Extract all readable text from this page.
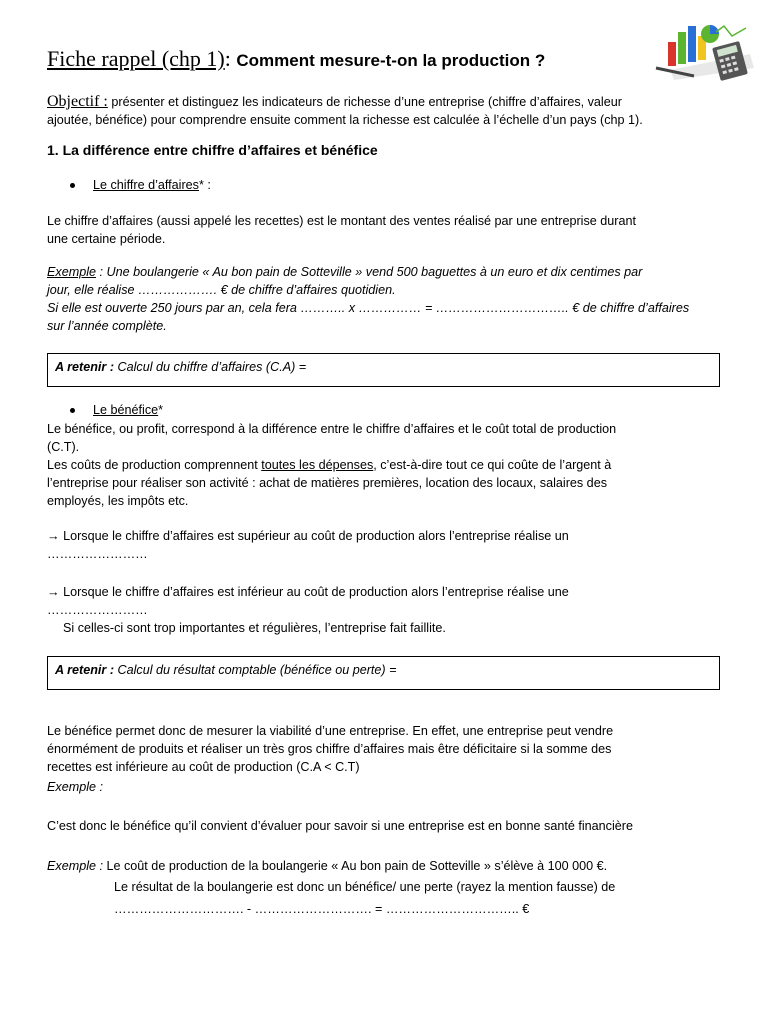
Fiche rappel (chp 1): Comment mesure-t-on la production ?
Objectif : présenter et distinguez les indicateurs de richesse d’une entreprise (chiffre d’affaires, valeur
ajoutée, bénéfice) pour comprendre ensuite comment la richesse est calculée à l’échelle d’un pays (chp 1).
1. La différence entre chiffre d’affaires et bénéfice
Le chiffre d’affaires* :
Le chiffre d’affaires (aussi appelé les recettes) est le montant des ventes réalisé par une entreprise durant
une certaine période.
Exemple : Une boulangerie « Au bon pain de Sotteville » vend 500 baguettes à un euro et dix centimes par
jour, elle réalise ………………. € de chiffre d’affaires quotidien.
Si elle est ouverte 250 jours par an, cela fera ……….. x …………… = ………………………….. € de chiffre d’affaires
sur l’année complète.
A retenir : Calcul du chiffre d’affaires (C.A) =
Le bénéfice*
Le bénéfice, ou profit, correspond à la différence entre le chiffre d’affaires et le coût total de production
(C.T).
Les coûts de production comprennent toutes les dépenses, c’est-à-dire tout ce qui coûte de l’argent à
l’entreprise pour réaliser son activité : achat de matières premières, location des locaux, salaires des
employés, les impôts etc.
→ Lorsque le chiffre d’affaires est supérieur au coût de production alors l’entreprise réalise un
……………………
→ Lorsque le chiffre d’affaires est inférieur au coût de production alors l’entreprise réalise une
……………………
Si celles-ci sont trop importantes et régulières, l’entreprise fait faillite.
A retenir : Calcul du résultat comptable (bénéfice ou perte) =
Le bénéfice permet donc de mesurer la viabilité d’une entreprise. En effet, une entreprise peut vendre
énormément de produits et réaliser un très gros chiffre d’affaires mais être déficitaire si la somme des
recettes est inférieure au coût de production (C.A < C.T)
Exemple :
C’est donc le bénéfice qu’il convient d’évaluer pour savoir si une entreprise est en bonne santé financière
Exemple : Le coût de production de la boulangerie « Au bon pain de Sotteville » s’élève à 100 000 €.
Le résultat de la boulangerie est donc un bénéfice/ une perte (rayez la mention fausse) de
…………………………. - ………………………. = ………………………….. €
